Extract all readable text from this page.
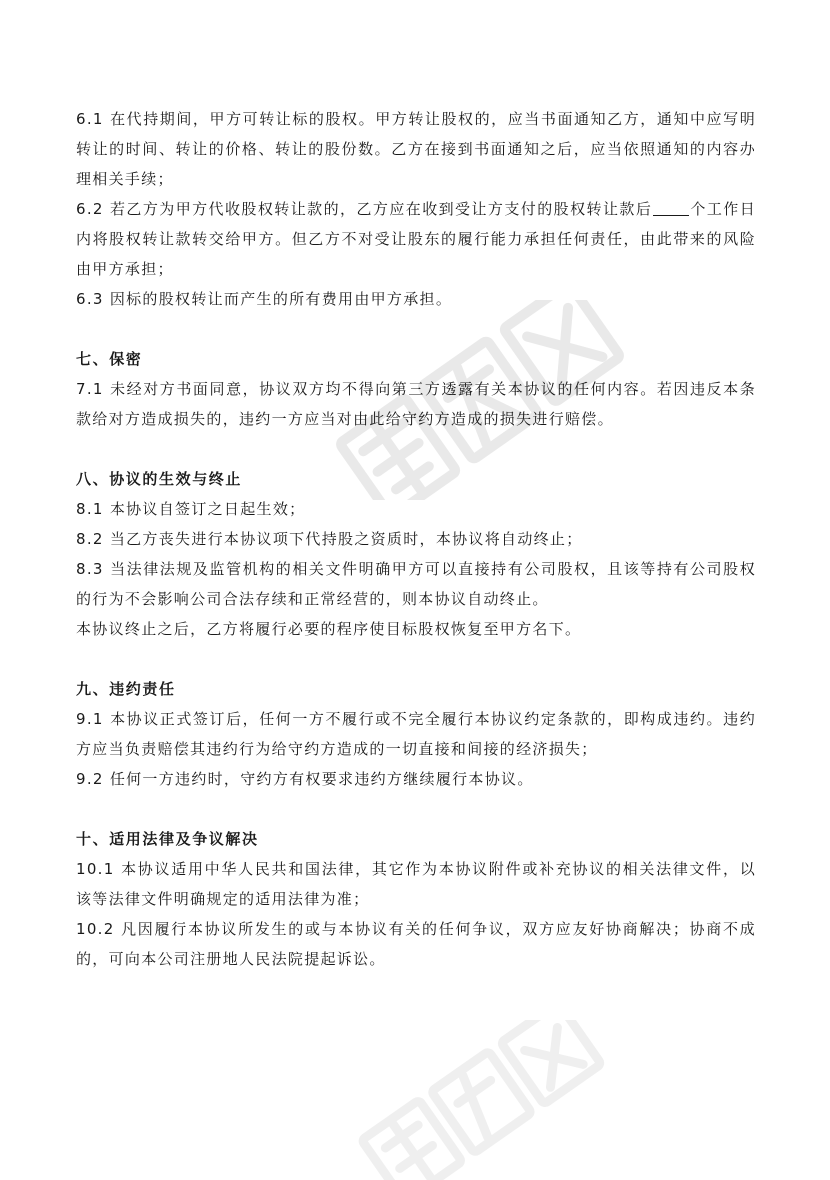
6.1 在代持期间，甲方可转让标的股权。甲方转让股权的，应当书面通知乙方，通知中应写明转让的时间、转让的价格、转让的股份数。乙方在接到书面通知之后，应当依照通知的内容办理相关手续；

6.2 若乙方为甲方代收股权转让款的，乙方应在收到受让方支付的股权转让款后	个工作日内将股权转让款转交给甲方。但乙方不对受让股东的履行能力承担任何责任，由此带来的风险由甲方承担；

6.3 因标的股权转让而产生的所有费用由甲方承担。

七、保密

7.1 未经对方书面同意，协议双方均不得向第三方透露有关本协议的任何内容。若因违反本条款给对方造成损失的，违约一方应当对由此给守约方造成的损失进行赔偿。

八、协议的生效与终止

8.1 本协议自签订之日起生效；

8.2 当乙方丧失进行本协议项下代持股之资质时，本协议将自动终止；

8.3 当法律法规及监管机构的相关文件明确甲方可以直接持有公司股权，且该等持有公司股权的行为不会影响公司合法存续和正常经营的，则本协议自动终止。

本协议终止之后，乙方将履行必要的程序使目标股权恢复至甲方名下。

九、违约责任

9.1 本协议正式签订后，任何一方不履行或不完全履行本协议约定条款的，即构成违约。违约方应当负责赔偿其违约行为给守约方造成的一切直接和间接的经济损失；

9.2 任何一方违约时，守约方有权要求违约方继续履行本协议。

十、适用法律及争议解决

10.1 本协议适用中华人民共和国法律，其它作为本协议附件或补充协议的相关法律文件，以该等法律文件明确规定的适用法律为准；

10.2 凡因履行本协议所发生的或与本协议有关的任何争议，双方应友好协商解决；协商不成的，可向本公司注册地人民法院提起诉讼。
